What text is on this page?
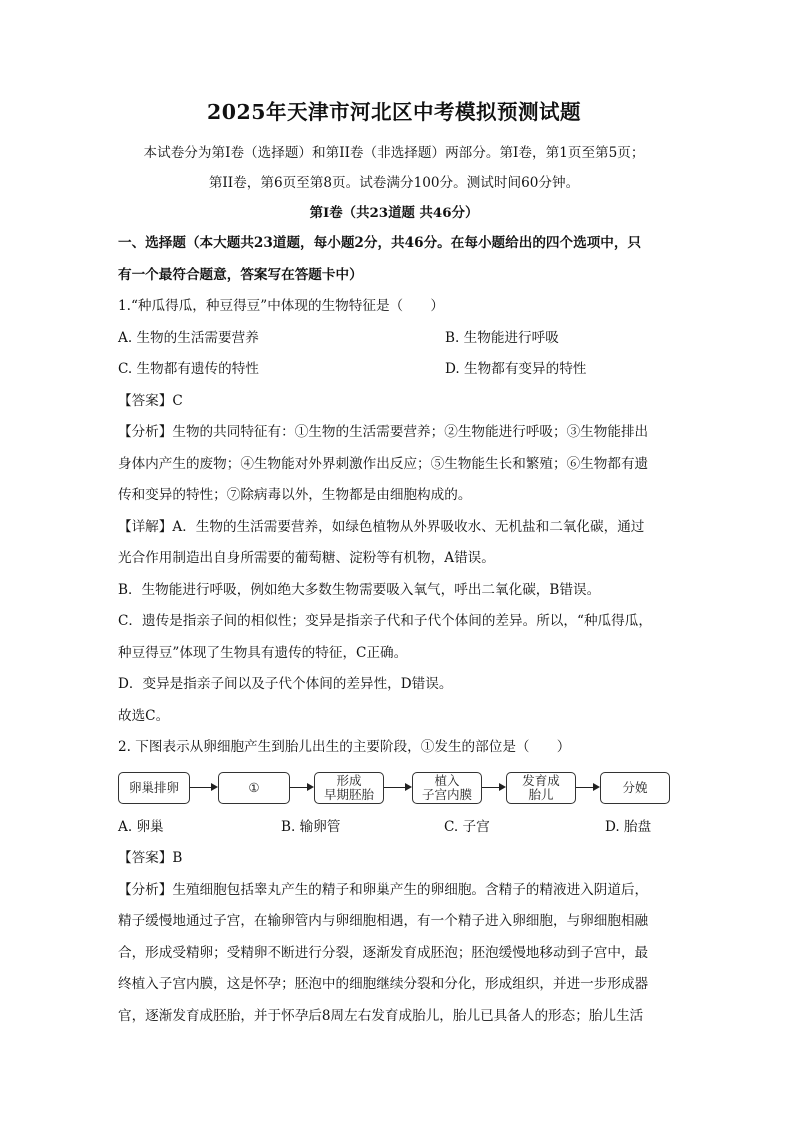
2025年天津市河北区中考模拟预测试题

本试卷分为第I卷（选择题）和第II卷（非选择题）两部分。第I卷，第1页至第5页；

第II卷，第6页至第8页。试卷满分100分。测试时间60分钟。

第I卷（共23道题 共46分）

一、选择题（本大题共23道题，每小题2分，共46分。在每小题给出的四个选项中，只

有一个最符合题意，答案写在答题卡中）

1.“种瓜得瓜，种豆得豆”中体现的生物特征是（　　）

A. 生物的生活需要营养	B. 生物能进行呼吸
C. 生物都有遗传的特性	D. 生物都有变异的特性

【答案】C

【分析】生物的共同特征有：①生物的生活需要营养；②生物能进行呼吸；③生物能排出

身体内产生的废物；④生物能对外界刺激作出反应；⑤生物能生长和繁殖；⑥生物都有遗

传和变异的特性；⑦除病毒以外，生物都是由细胞构成的。

【详解】A．生物的生活需要营养，如绿色植物从外界吸收水、无机盐和二氧化碳，通过

光合作用制造出自身所需要的葡萄糖、淀粉等有机物，A错误。

B．生物能进行呼吸，例如绝大多数生物需要吸入氧气，呼出二氧化碳，B错误。

C．遗传是指亲子间的相似性；变异是指亲子代和子代个体间的差异。所以，“种瓜得瓜，

种豆得豆”体现了生物具有遗传的特征，C正确。

D．变异是指亲子间以及子代个体间的差异性，D错误。

故选C。

2. 下图表示从卵细胞产生到胎儿出生的主要阶段，①发生的部位是（　　）

卵巢排卵	①	形成
早期胚胎
植入
子宫内膜
发育成
胎儿	分娩
A. 卵巢	B. 输卵管	C. 子宫	D. 胎盘

【答案】B

【分析】生殖细胞包括睾丸产生的精子和卵巢产生的卵细胞。含精子的精液进入阴道后，

精子缓慢地通过子宫，在输卵管内与卵细胞相遇，有一个精子进入卵细胞，与卵细胞相融

合，形成受精卵；受精卵不断进行分裂，逐渐发育成胚泡；胚泡缓慢地移动到子宫中，最

终植入子宫内膜，这是怀孕；胚泡中的细胞继续分裂和分化，形成组织，并进一步形成器

官，逐渐发育成胚胎，并于怀孕后8周左右发育成胎儿，胎儿已具备人的形态；胎儿生活
